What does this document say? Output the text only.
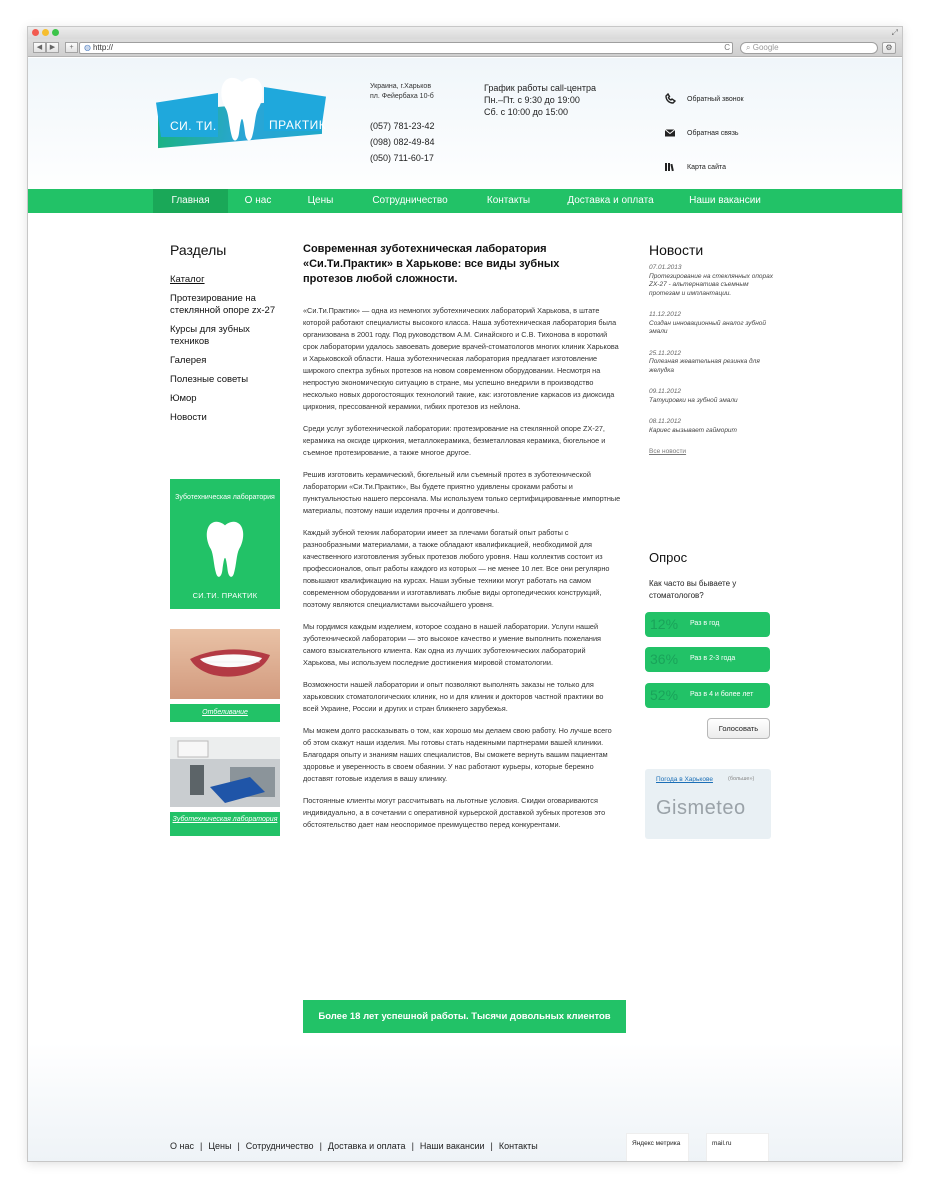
⤢
◀	▶	+	◍ http://	C	⌕ Google	⚙
СИ. ТИ.	ПРАКТИК
Украина, г.Харьков
пл. Фейербаха 10-б
(057) 781-23-42
(098) 082-49-84
(050) 711-60-17
График работы call-центра
Пн.–Пт. с 9:30 до 19:00
Сб. с 10:00 до 15:00
Обратный звонок
Обратная связь
Карта сайта
Главная	О нас	Цены	Сотрудничество	Контакты	Доставка и оплата	Наши вакансии
Разделы
Каталог
Протезирование на стеклянной опоре zx-27
Курсы для зубных техников
Галерея
Полезные советы
Юмор
Новости
Зуботехническая лаборатория
СИ.ТИ. ПРАКТИК
Отбеливание
Зуботехническая лаборатория
Современная зуботехническая лаборатория «Си.Ти.Практик» в Харькове: все виды зубных протезов любой сложности.

«Си.Ти.Практик» — одна из немногих зуботехнических лабораторий Харькова, в штате которой работают специалисты высокого класса. Наша зуботехническая лаборатория была организована в 2001 году. Под руководством А.М. Синайского и С.В. Тихонова в короткий срок лаборатории удалось завоевать доверие врачей-стоматологов многих клиник Харькова и Харьковской области. Наша зуботехническая лаборатория предлагает изготовление широкого спектра зубных протезов на новом современном оборудовании. Несмотря на непростую экономическую ситуацию в стране, мы успешно внедрили в производство несколько новых дорогостоящих технологий такие, как: изготовление каркасов из диоксида циркония, прессованной керамики, гибких протезов из нейлона.

Среди услуг зуботехнической лаборатории: протезирование на стеклянной опоре ZX-27, керамика на оксиде циркония, металлокерамика, безметалловая керамика, бюгельное и съемное протезирование, а также многое другое.

Решив изготовить керамический, бюгельный или съемный протез в зуботехнической лаборатории «Си.Ти.Практик», Вы будете приятно удивлены сроками работы и пунктуальностью нашего персонала. Мы используем только сертифицированные импортные материалы, поэтому наши изделия прочны и долговечны.

Каждый зубной техник лаборатории имеет за плечами богатый опыт работы с разнообразными материалами, а также обладают квалификацией, необходимой для качественного изготовления зубных протезов любого уровня. Наш коллектив состоит из профессионалов, опыт работы каждого из которых — не менее 10 лет. Все они регулярно повышают квалификацию на курсах. Наши зубные техники могут работать на самом современном оборудовании и изготавливать любые виды ортопедических конструкций, поэтому являются специалистами высочайшего уровня.

Мы гордимся каждым изделием, которое создано в нашей лаборатории. Услуги нашей зуботехнической лаборатории — это высокое качество и умение выполнить пожелания самого взыскательного клиента. Как одна из лучших зуботехнических лабораторий Харькова, мы используем последние достижения мировой стоматологии.

Возможности нашей лаборатории и опыт позволяют выполнять заказы не только для харьковских стоматологических клиник, но и для клиник и докторов частной практики во всей Украине, России и других и стран ближнего зарубежья.

Мы можем долго рассказывать о том, как хорошо мы делаем свою работу. Но лучше всего об этом скажут наши изделия. Мы готовы стать надежными партнерами вашей клиники. Благодаря опыту и знаниям наших специалистов, Вы сможете вернуть вашим пациентам здоровье и уверенность в своем обаянии. У нас работают курьеры, которые бережно доставят готовые изделия в вашу клинику.

Постоянные клиенты могут рассчитывать на льготные условия. Скидки оговариваются индивидуально, а в сочетании с оперативной курьерской доставкой зубных протезов это обстоятельство дает нам неоспоримое преимущество перед конкурентами.

Более 18 лет успешной работы. Тысячи довольных клиентов
Новости
07.01.2013
Протезирование на стеклянных опорах ZX-27 - альтернатива съемным протезам и имплантации.
11.12.2012
Создан инновационный аналог зубной эмали
25.11.2012
Полезная жевательная резинка для желудка
09.11.2012
Татуировки на зубной эмали
08.11.2012
Кариес вызывает гайморит
Все новости
Опрос
Как часто вы бываете у стоматологов?
12% Раз в год
36% Раз в 2-3 года
52% Раз в 4 и более лет
Голосовать
Погода в Харькове	(больше»)
Gismeteo
О нас | Цены | Сотрудничество | Доставка и оплата | Наши вакансии | Контакты	Яндекс метрика	mail.ru
